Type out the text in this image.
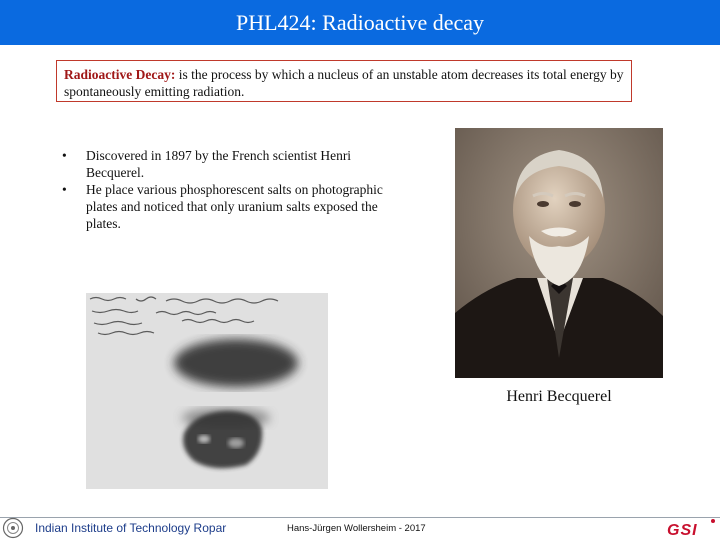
PHL424: Radioactive decay
Radioactive Decay: is the process by which a nucleus of an unstable atom decreases its total energy by spontaneously emitting radiation.
•	Discovered in 1897 by the French scientist Henri Becquerel.
•	He place various phosphorescent salts on photographic plates and noticed that only uranium salts exposed the plates.
Henri Becquerel
Indian Institute of Technology Ropar	Hans-Jürgen Wollersheim - 2017	GSI
